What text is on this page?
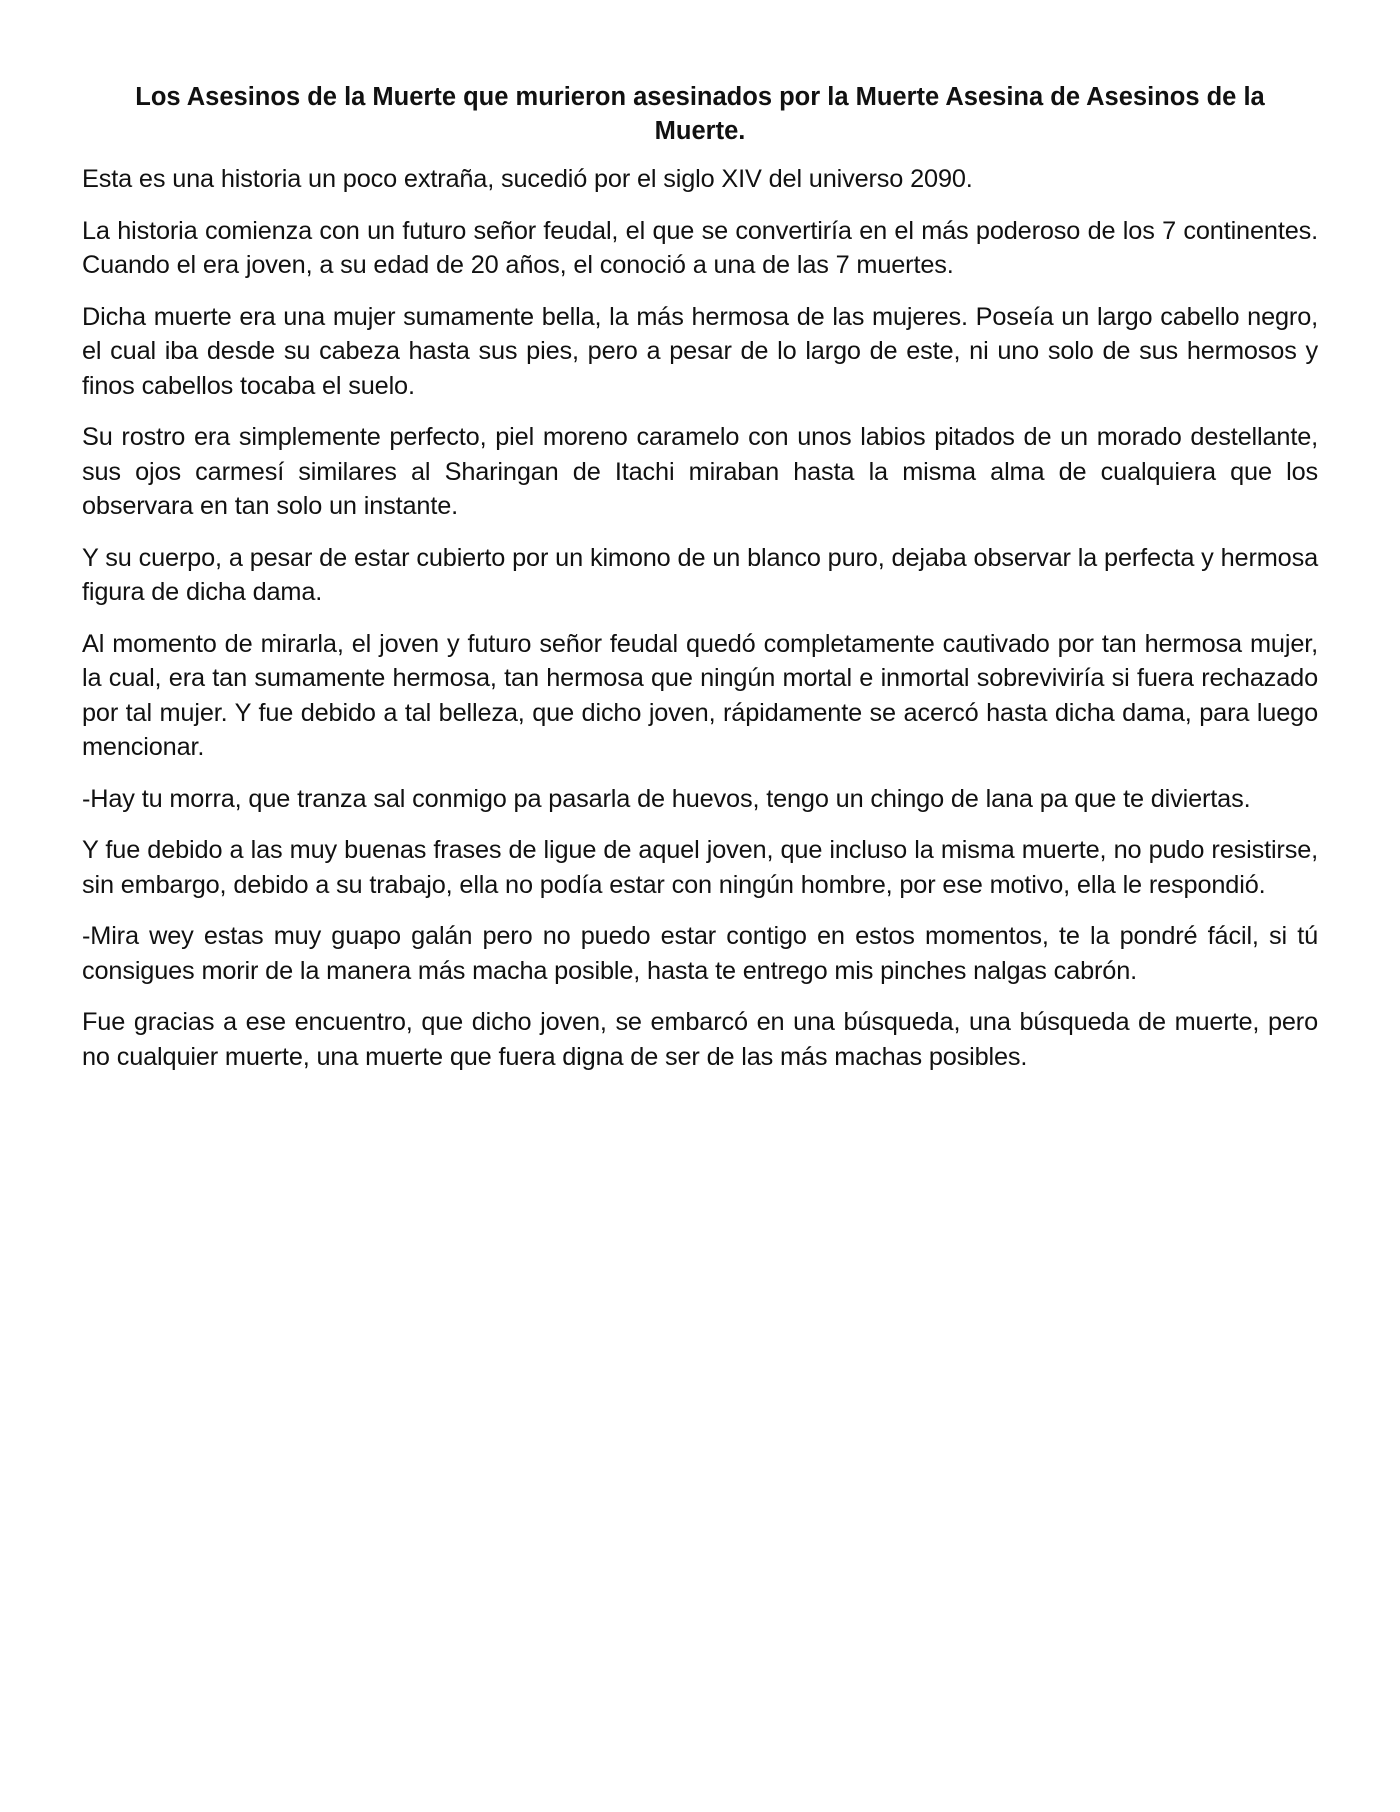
Los Asesinos de la Muerte que murieron asesinados por la Muerte Asesina de Asesinos de la Muerte.

Esta es una historia un poco extraña, sucedió por el siglo XIV del universo 2090.

La historia comienza con un futuro señor feudal, el que se convertiría en el más poderoso de los 7 continentes. Cuando el era joven, a su edad de 20 años, el conoció a una de las 7 muertes.

Dicha muerte era una mujer sumamente bella, la más hermosa de las mujeres. Poseía un largo cabello negro, el cual iba desde su cabeza hasta sus pies, pero a pesar de lo largo de este, ni uno solo de sus hermosos y finos cabellos tocaba el suelo.

Su rostro era simplemente perfecto, piel moreno caramelo con unos labios pitados de un morado destellante, sus ojos carmesí similares al Sharingan de Itachi miraban hasta la misma alma de cualquiera que los observara en tan solo un instante.

Y su cuerpo, a pesar de estar cubierto por un kimono de un blanco puro, dejaba observar la perfecta y hermosa figura de dicha dama.

Al momento de mirarla, el joven y futuro señor feudal quedó completamente cautivado por tan hermosa mujer, la cual, era tan sumamente hermosa, tan hermosa que ningún mortal e inmortal sobreviviría si fuera rechazado por tal mujer. Y fue debido a tal belleza, que dicho joven, rápidamente se acercó hasta dicha dama, para luego mencionar.

-Hay tu morra, que tranza sal conmigo pa pasarla de huevos, tengo un chingo de lana pa que te diviertas.

Y fue debido a las muy buenas frases de ligue de aquel joven, que incluso la misma muerte, no pudo resistirse, sin embargo, debido a su trabajo, ella no podía estar con ningún hombre, por ese motivo, ella le respondió.

-Mira wey estas muy guapo galán pero no puedo estar contigo en estos momentos, te la pondré fácil, si tú consigues morir de la manera más macha posible, hasta te entrego mis pinches nalgas cabrón.

Fue gracias a ese encuentro, que dicho joven, se embarcó en una búsqueda, una búsqueda de muerte, pero no cualquier muerte, una muerte que fuera digna de ser de las más machas posibles.
